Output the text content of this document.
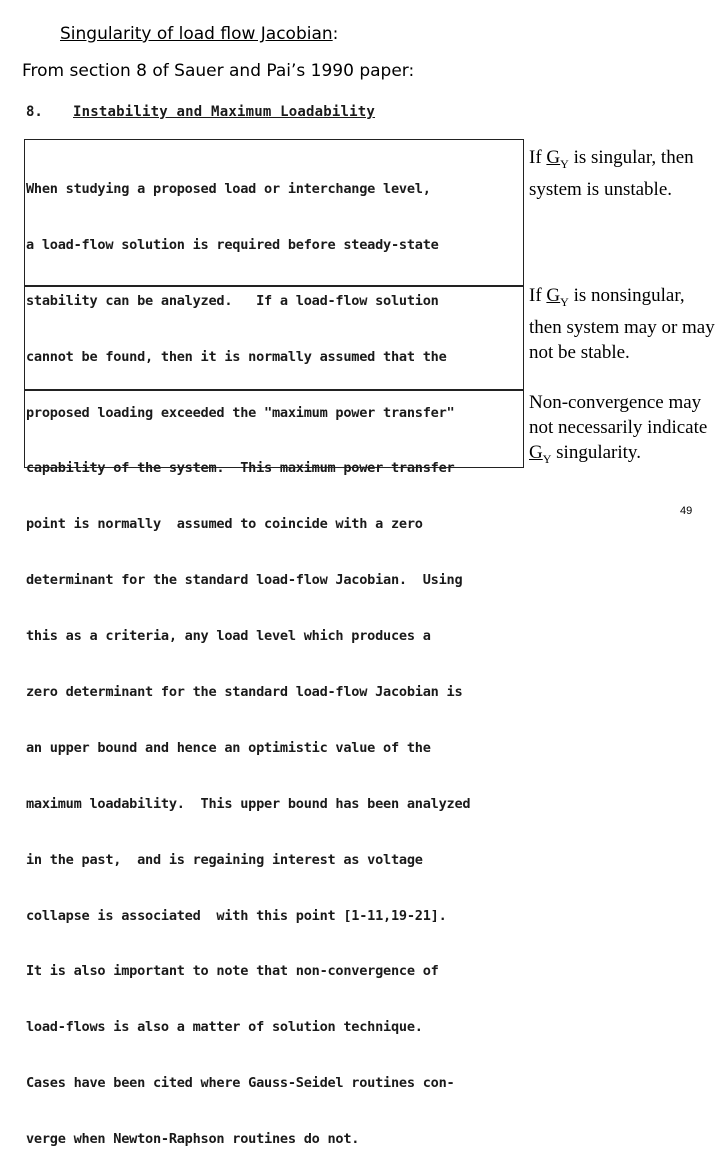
Singularity of load flow Jacobian:
From section 8 of Sauer and Pai’s 1990 paper:
8. Instability and Maximum Loadability

When studying a proposed load or interchange level,

a load-flow solution is required before steady-state

stability can be analyzed.   If a load-flow solution

cannot be found, then it is normally assumed that the

proposed loading exceeded the "maximum power transfer"

capability of the system.  This maximum power transfer

point is normally  assumed to coincide with a zero

determinant for the standard load-flow Jacobian.  Using

this as a criteria, any load level which produces a

zero determinant for the standard load-flow Jacobian is

an upper bound and hence an optimistic value of the

maximum loadability.  This upper bound has been analyzed

in the past,  and is regaining interest as voltage

collapse is associated  with this point [1-11,19-21].

It is also important to note that non-convergence of

load-flows is also a matter of solution technique.

Cases have been cited where Gauss-Seidel routines con-

verge when Newton-Raphson routines do not.

If $G_Y$ is singular, then system is unstable.
If $G_Y$ is nonsingular, then system may or may not be stable.
Non-convergence may not necessarily indicate $G_Y$ singularity.
49
